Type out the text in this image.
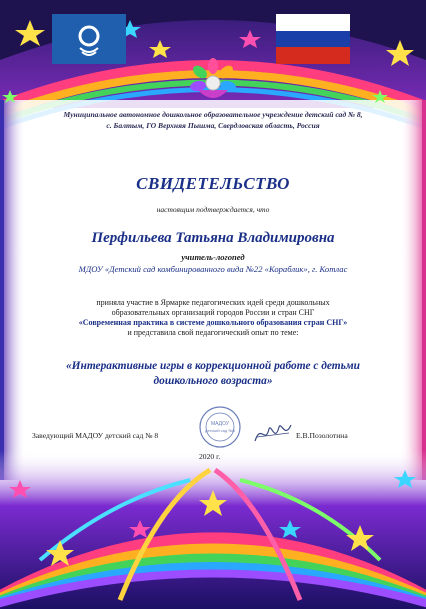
Муниципальное автономное дошкольное образовательное учреждение детский сад № 8,
с. Балтым, ГО Верхняя Пышма, Свердловская область, Россия
СВИДЕТЕЛЬСТВО
настоящим подтверждается, что
Перфильева Татьяна Владимировна
учитель-логопед
МДОУ «Детский сад комбинированного вида №22 «Кораблик», г. Котлас
приняла участие в Ярмарке педагогических идей среди дошкольных
образовательных организаций городов России и стран СНГ
«Современная практика в системе дошкольного образования стран СНГ»
и представила свой педагогический опыт по теме:
«Интерактивные игры в коррекционной работе с детьми
дошкольного возраста»
Заведующий МАДОУ детский сад № 8
МАДОУ
детский сад №8
Е.В.Позолотина
2020 г.
